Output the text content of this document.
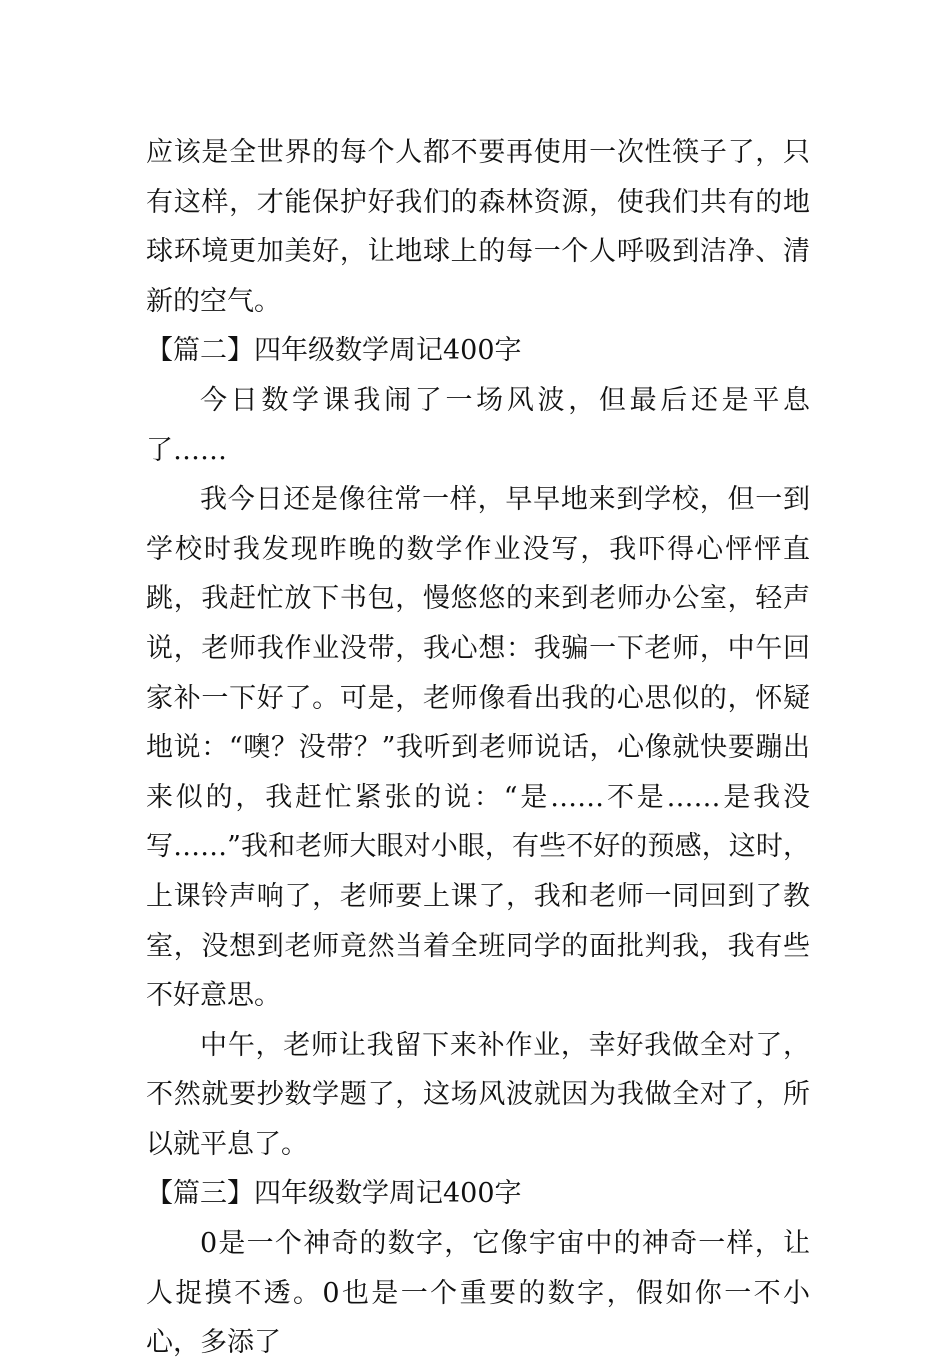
应该是全世界的每个人都不要再使用一次性筷子了，只有这样，才能保护好我们的森林资源，使我们共有的地球环境更加美好，让地球上的每一个人呼吸到洁净、清新的空气。

【篇二】四年级数学周记400字

今日数学课我闹了一场风波，但最后还是平息了……

我今日还是像往常一样，早早地来到学校，但一到学校时我发现昨晚的数学作业没写，我吓得心怦怦直跳，我赶忙放下书包，慢悠悠的来到老师办公室，轻声说，老师我作业没带，我心想：我骗一下老师，中午回家补一下好了。可是，老师像看出我的心思似的，怀疑地说：“噢？没带？”我听到老师说话，心像就快要蹦出来似的，我赶忙紧张的说：“是……不是……是我没写……”我和老师大眼对小眼，有些不好的预感，这时，上课铃声响了，老师要上课了，我和老师一同回到了教室，没想到老师竟然当着全班同学的面批判我，我有些不好意思。

中午，老师让我留下来补作业，幸好我做全对了，不然就要抄数学题了，这场风波就因为我做全对了，所以就平息了。

【篇三】四年级数学周记400字

0是一个神奇的数字，它像宇宙中的神奇一样，让人捉摸不透。0也是一个重要的数字，假如你一不小心，多添了
